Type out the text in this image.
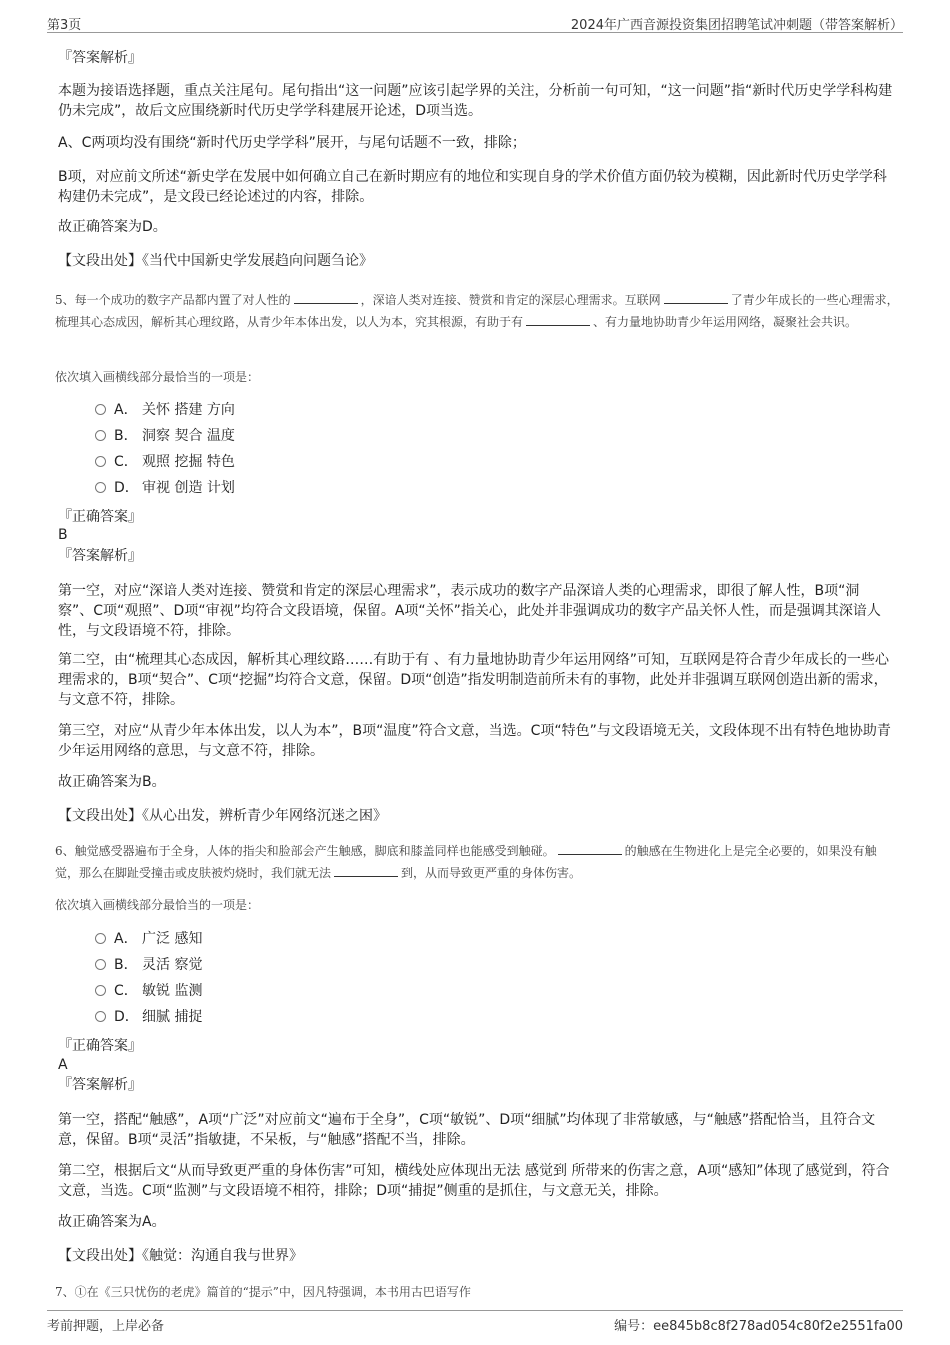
第3页	2024年广西音源投资集团招聘笔试冲刺题（带答案解析）

『答案解析』

本题为接语选择题，重点关注尾句。尾句指出“这一问题”应该引起学界的关注，分析前一句可知，“这一问题”指“新时代历史学学科构建仍未完成”，故后文应围绕新时代历史学学科建展开论述，D项当选。

A、C两项均没有围绕“新时代历史学学科”展开，与尾句话题不一致，排除；

B项，对应前文所述“新史学在发展中如何确立自己在新时期应有的地位和实现自身的学术价值方面仍较为模糊，因此新时代历史学学科构建仍未完成”，是文段已经论述过的内容，排除。

故正确答案为D。

【文段出处】《当代中国新史学发展趋向问题刍论》

5、每一个成功的数字产品都内置了对人性的	，深谙人类对连接、赞赏和肯定的深层心理需求。互联网	了青少年成长的一些心理需求，梳理其心态成因，解析其心理纹路，从青少年本体出发，以人为本，究其根源，有助于有	、有力量地协助青少年运用网络，凝聚社会共识。

依次填入画横线部分最恰当的一项是：

A． 关怀 搭建 方向
B． 洞察 契合 温度
C． 观照 挖掘 特色
D． 审视 创造 计划

『正确答案』

B

『答案解析』

第一空，对应“深谙人类对连接、赞赏和肯定的深层心理需求”，表示成功的数字产品深谙人类的心理需求，即很了解人性，B项“洞察”、C项“观照”、D项“审视”均符合文段语境，保留。A项“关怀”指关心，此处并非强调成功的数字产品关怀人性，而是强调其深谙人性，与文段语境不符，排除。

第二空，由“梳理其心态成因，解析其心理纹路……有助于有 、有力量地协助青少年运用网络”可知，互联网是符合青少年成长的一些心理需求的，B项“契合”、C项“挖掘”均符合文意，保留。D项“创造”指发明制造前所未有的事物，此处并非强调互联网创造出新的需求，与文意不符，排除。

第三空，对应“从青少年本体出发，以人为本”，B项“温度”符合文意，当选。C项“特色”与文段语境无关，文段体现不出有特色地协助青少年运用网络的意思，与文意不符，排除。

故正确答案为B。

【文段出处】《从心出发，辨析青少年网络沉迷之困》

6、触觉感受器遍布于全身，人体的指尖和脸部会产生触感，脚底和膝盖同样也能感受到触碰。	的触感在生物进化上是完全必要的，如果没有触觉，那么在脚趾受撞击或皮肤被灼烧时，我们就无法	到，从而导致更严重的身体伤害。

依次填入画横线部分最恰当的一项是：

A． 广泛 感知
B． 灵活 察觉
C． 敏锐 监测
D． 细腻 捕捉

『正确答案』

A

『答案解析』

第一空，搭配“触感”，A项“广泛”对应前文“遍布于全身”，C项“敏锐”、D项“细腻”均体现了非常敏感，与“触感”搭配恰当，且符合文意，保留。B项“灵活”指敏捷，不呆板，与“触感”搭配不当，排除。

第二空，根据后文“从而导致更严重的身体伤害”可知，横线处应体现出无法 感觉到 所带来的伤害之意，A项“感知”体现了感觉到，符合文意，当选。C项“监测”与文段语境不相符，排除；D项“捕捉”侧重的是抓住，与文意无关，排除。

故正确答案为A。

【文段出处】《触觉：沟通自我与世界》

7、①在《三只忧伤的老虎》篇首的“提示”中，因凡特强调，本书用古巴语写作

考前押题，上岸必备	编号：ee845b8c8f278ad054c80f2e2551fa00
